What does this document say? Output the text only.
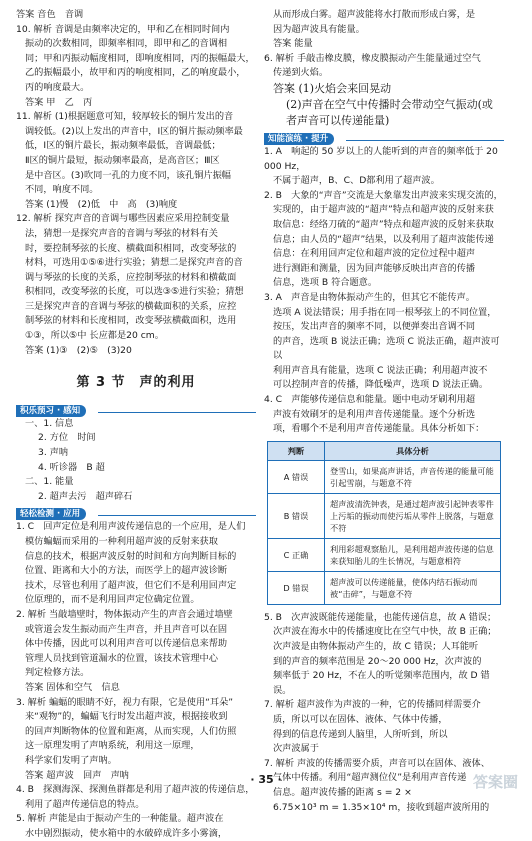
答案 音色　音调

10. 解析 音调是由频率决定的，甲和乙在相同时间内

振动的次数相同，即频率相同，即甲和乙的音调相

同；甲和丙振动幅度相同，即响度相同，丙的振幅最大，

乙的振幅最小，故甲和丙的响度相同，乙的响度最小，

丙的响度最大。

答案 甲　乙　丙

11. 解析 (1)根据题意可知，较厚较长的铜片发出的音

调较低。(2)以上发出的声音中，Ⅰ区的铜片振动频率最

低，Ⅰ区的铜片最长，振动频率最低，音调最低；

Ⅱ区的铜片最短，振动频率最高，是高音区；Ⅲ区

是中音区。(3)吹同一孔的力度不同，该孔铜片振幅

不同，响度不同。

答案 (1)慢　(2)低　中　高　(3)响度

12. 解析 探究声音的音调与哪些因素应采用控制变量

法，猜想一是探究声音的音调与琴弦的材料有关

时，要控制琴弦的长度、横截面积相同，改变琴弦的

材料，可选用①⑤⑥进行实验；猜想二是探究声音的音

调与琴弦的长度的关系，应控制琴弦的材料和横截面

积相同，改变琴弦的长度，可以选③⑤进行实验；猜想

三是探究声音的音调与琴弦的横截面积的关系，应控

制琴弦的材料和长度相同，改变琴弦横截面积，选用

①③，所以⑤中 长应都是20 cm。

答案 (1)③　(2)⑤　(3)20

第 3 节　声的利用
积乐预习 · 感知

一、1. 信息

2. 方位　时间

3. 声呐

4. 听诊器　B 超

二、1. 能量

2. 超声去污　超声碎石

轻松检测 · 应用

1. C　回声定位是利用声波传递信息的一个应用，是人们

模仿蝙蝠而采用的一种利用超声波的反射来获取

信息的技术，根据声波反射的时间和方向判断目标的

位置、距离和大小的方法，而医学上的超声波诊断

技术，尽管也利用了超声波，但它们不是利用回声定

位原理的，而不是利用回声定位确定位置。

2. 解析 当敲墙壁时，物体振动产生的声音会通过墙壁

或管道会发生振动而产生声音，并且声音可以在固

体中传播，因此可以利用声音可以传递信息来帮助

管理人员找到管道漏水的位置，该技术管理中心

判定检修方法。

答案 固体和空气　信息

3. 解析 蝙蝠的眼睛不好，视力有限，它是使用“耳朵”

来“观物”的，蝙蝠飞行时发出超声波，根据接收到

的回声判断物体的位置和距离，从而实现，人们仿照

这一原理发明了声呐系统，利用这一原理，

科学家们发明了声呐。

答案 超声波　回声　声呐

4. B　探测海深、探测鱼群都是利用了超声波的传递信息，

利用了超声传递信息的特点。

5. 解析 声能是由于振动产生的一种能量。超声波在

水中剧烈振动，使水箱中的水破碎成许多小雾滴，

从而形成白雾。超声波能将水打散而形成白雾，是

因为超声波具有能量。

答案 能量

6. 解析 手敲击橡皮膜，橡皮膜振动产生能量通过空气

传递到火焰。

答案 (1)火焰会来回晃动

(2)声音在空气中传播时会带动空气振动(或

者声音可以传递能量)

知能演练 · 提升

1. A　响起的 50 岁以上的人能听到的声音的频率低于 20 000 Hz，

不属于超声，B、C、D都利用了超声波。

2. B　大象的“声音”交流是大象靠发出声波来实现交流的，

实现的，由于超声波的“超声”特点和超声波的反射来获

取信息：经络刀硫的“超声”特点和超声波的反射来获取

信息；由人员的“超声”结果，以及利用了超声波能传递

信息：在利用回声定位和超声波的定位过程中超声

进行测距和测量，因为回声能够反映出声音的传播

信息，选项 B 符合题意。

3. A　声音是由物体振动产生的，但其它不能传声。

选项 A 说法错误；用手指在同一根琴弦上的不同位置，

按压，发出声音的频率不同，以便弹奏出音调不同

的声音，选项 B 说法正确；选项 C 说法正确，超声波可以

利用声音具有能量，选项 C 说法正确；利用超声波不

可以控制声音的传播，降低噪声，选项 D 说法正确。

4. C　声能够传递信息和能量。题中电动牙刷利用超

声波有效刷牙的是利用声音传递能量。逐个分析选

项，看哪个不是利用声音传递能量。具体分析如下：

判断	具体分析
A 错误	登雪山，如果高声讲话，声音传递的能量可能引起雪崩，与题意不符
B 错误	超声波清洗钟表，是通过超声波引起钟表零件上污垢的振动而使污垢从零件上脱落，与题意不符
C 正确	利用彩超观察胎儿，是利用超声波传递的信息来获知胎儿的生长情况，与题意相符
D 错误	超声波可以传递能量，使体内结石振动而被“击碎”，与题意不符

5. B　次声波既能传递能量，也能传递信息，故 A 错误；

次声波在海水中的传播速度比在空气中快，故 B 正确；

次声波是由物体振动产生的，故 C 错误；人耳能听

到的声音的频率范围是 20～20 000 Hz，次声波的

频率低于 20 Hz，不在人的听觉频率范围内，故 D 错误。

7. 解析 超声波作为声波的一种，它的传播同样需要介

质，所以可以在固体、液体、气体中传播，

得到的信息传递到人脑里，人所听到，所以

次声波属于

7. 解析 声波的传播需要介质，声音可以在固体、液体、

气体中传播。利用“超声测位仪”是利用声音传递

信息。超声波传播的距离 s = 2 ×

6.75×10³ m = 1.35×10⁴ m，接收到超声波所用的

· 35 ·	答案圈
